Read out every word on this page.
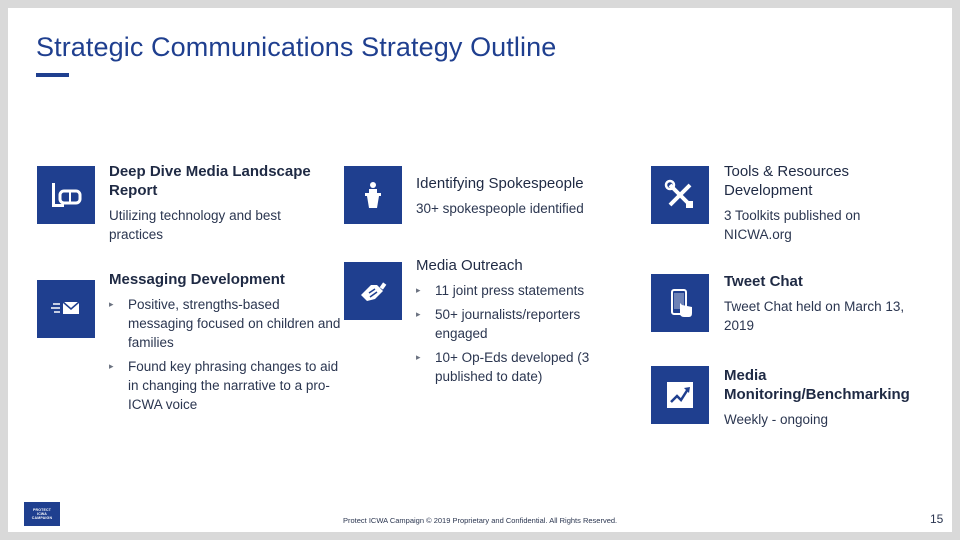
Strategic Communications Strategy Outline
Deep Dive Media Landscape Report
Utilizing technology and best practices
Messaging Development
▸ Positive, strengths-based messaging focused on children and families
▸ Found key phrasing changes to aid in changing the narrative to a pro-ICWA voice
Identifying Spokespeople
30+ spokespeople identified
Media Outreach
▸ 11 joint press statements
▸ 50+ journalists/reporters engaged
▸ 10+ Op-Eds developed (3 published to date)
Tools & Resources Development
3 Toolkits published on NICWA.org
Tweet Chat
Tweet Chat held on March 13, 2019
Media Monitoring/Benchmarking
Weekly - ongoing
PROTECT
ICWA
CAMPAIGN	Protect ICWA Campaign © 2019 Proprietary and Confidential. All Rights Reserved.	15
